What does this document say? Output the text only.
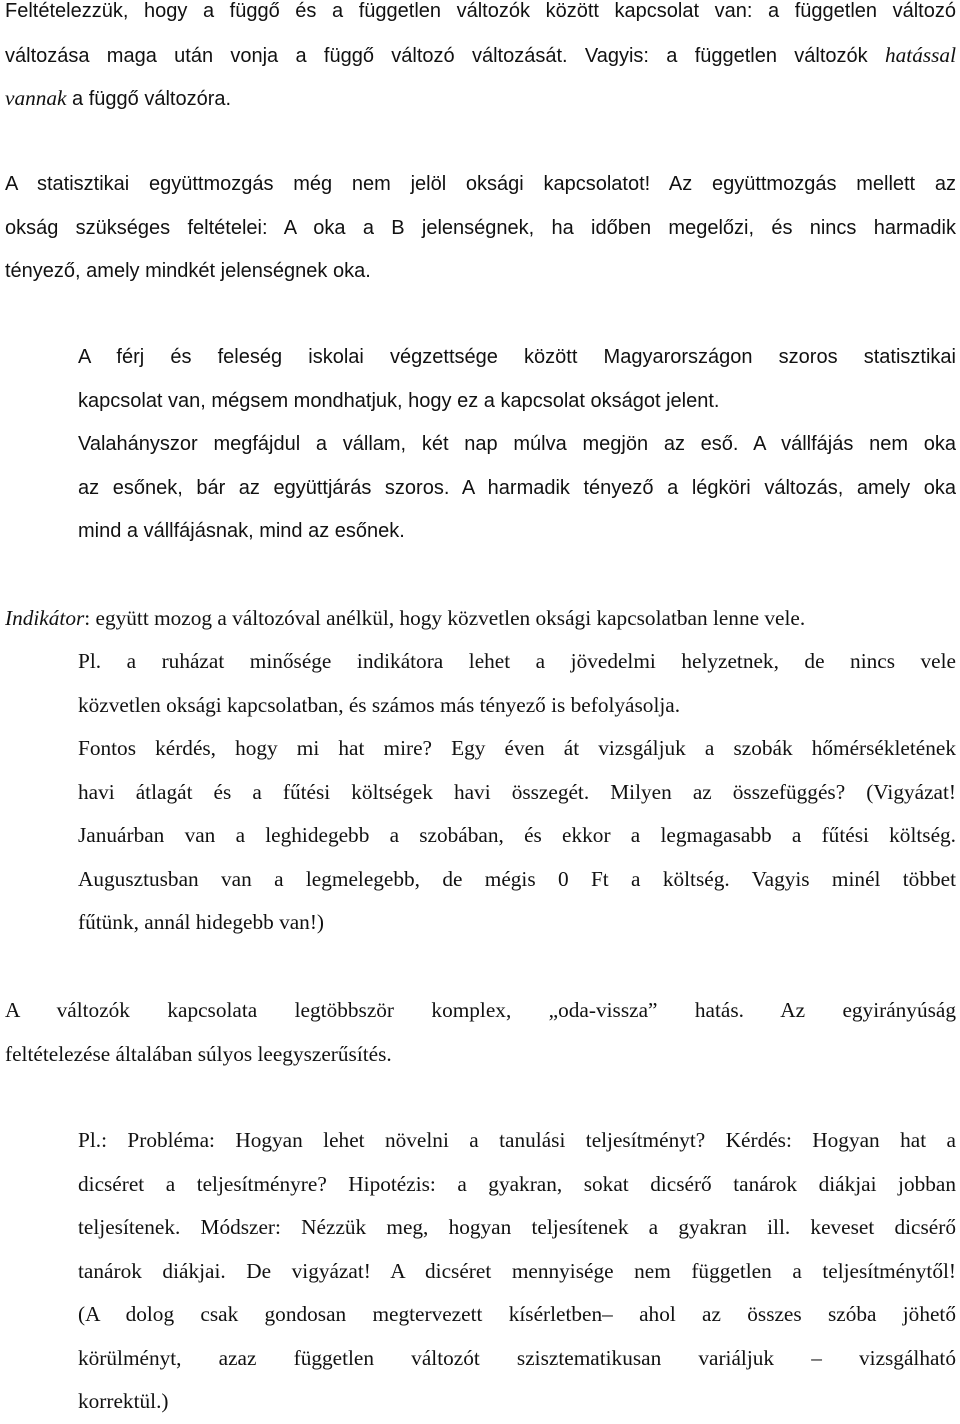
Feltételezzük, hogy a függő és a független változók között kapcsolat van: a független változó
változása maga után vonja a függő változó változását. Vagyis: a független változók hatással
vannak a függő változóra.
A statisztikai együttmozgás még nem jelöl oksági kapcsolatot! Az együttmozgás mellett az
okság szükséges feltételei: A oka a B jelenségnek, ha időben megelőzi, és nincs harmadik
tényező, amely mindkét jelenségnek oka.
A férj és feleség iskolai végzettsége között Magyarországon szoros statisztikai
kapcsolat van, mégsem mondhatjuk, hogy ez a kapcsolat okságot jelent.
Valahányszor megfájdul a vállam, két nap múlva megjön az eső. A vállfájás nem oka
az esőnek, bár az együttjárás szoros. A harmadik tényező a légköri változás, amely oka
mind a vállfájásnak, mind az esőnek.
Indikátor: együtt mozog a változóval anélkül, hogy közvetlen oksági kapcsolatban lenne vele.
Pl. a ruházat minősége indikátora lehet a jövedelmi helyzetnek, de nincs vele
közvetlen oksági kapcsolatban, és számos más tényező is befolyásolja.
Fontos kérdés, hogy mi hat mire? Egy éven át vizsgáljuk a szobák hőmérsékletének
havi átlagát és a fűtési költségek havi összegét. Milyen az összefüggés? (Vigyázat!
Januárban van a leghidegebb a szobában, és ekkor a legmagasabb a fűtési költség.
Augusztusban van a legmelegebb, de mégis 0 Ft a költség. Vagyis minél többet
fűtünk, annál hidegebb van!)
A változók kapcsolata legtöbbször komplex, „oda-vissza” hatás. Az egyirányúság
feltételezése általában súlyos leegyszerűsítés.
Pl.: Probléma: Hogyan lehet növelni a tanulási teljesítményt? Kérdés: Hogyan hat a
dicséret a teljesítményre? Hipotézis: a gyakran, sokat dicsérő tanárok diákjai jobban
teljesítenek. Módszer: Nézzük meg, hogyan teljesítenek a gyakran ill. keveset dicsérő
tanárok diákjai. De vigyázat! A dicséret mennyisége nem független a teljesítménytől!
(A dolog csak gondosan megtervezett kísérletben– ahol az összes szóba jöhető
körülményt, azaz független változót szisztematikusan variáljuk – vizsgálható
korrektül.)
